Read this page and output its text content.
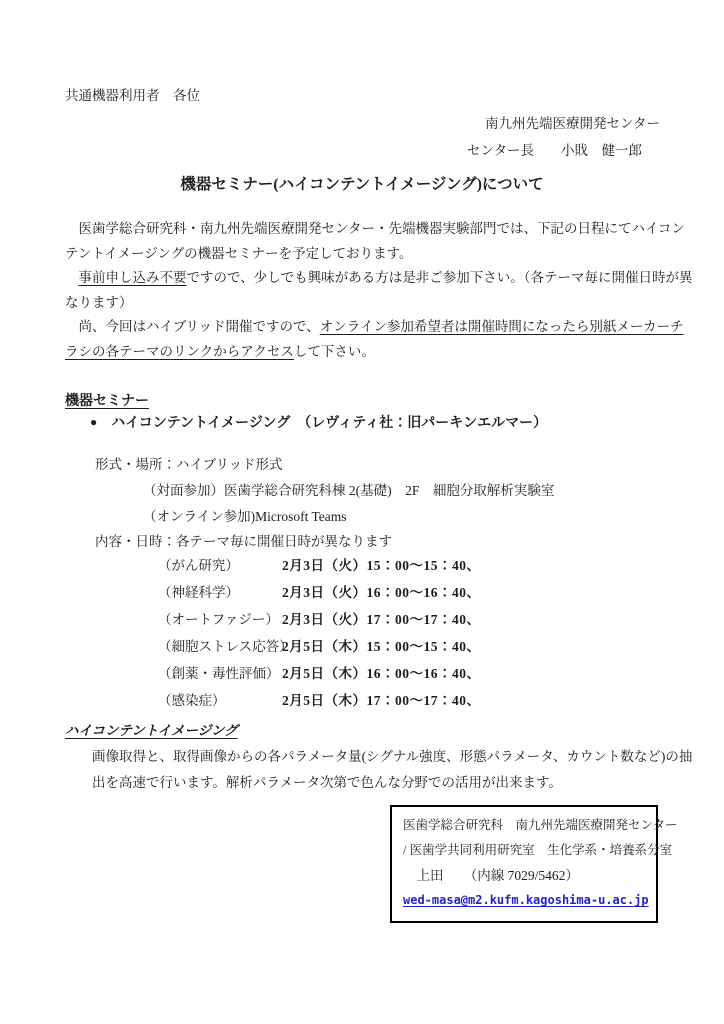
共通機器利用者　各位
南九州先端医療開発センター
センター長　　小戝　健一郎
機器セミナー(ハイコンテントイメージング)について
　医歯学総合研究科・南九州先端医療開発センター・先端機器実験部門では、下記の日程にてハイコン
テントイメージングの機器セミナーを予定しております。
　事前申し込み不要ですので、少しでも興味がある方は是非ご参加下さい。（各テーマ毎に開催日時が異
なります）
　尚、今回はハイブリッド開催ですので、オンライン参加希望者は開催時間になったら別紙メーカーチ
ラシの各テーマのリンクからアクセスして下さい。
機器セミナー
● ハイコンテントイメージング　（レヴィティ社：旧パーキンエルマー）
形式・場所：ハイブリッド形式
（対面参加）医歯学総合研究科棟 2(基礎)　2F　細胞分取解析実験室
（オンライン参加)Microsoft Teams
内容・日時：各テーマ毎に開催日時が異なります
（がん研究）	2月3日（火）15：00～15：40、
（神経科学）	2月3日（火）16：00～16：40、
（オートファジー） 2月3日（火）17：00～17：40、
（細胞ストレス応答）2月5日（木）15：00～15：40、
（創薬・毒性評価） 2月5日（木）16：00～16：40、
（感染症）	2月5日（木）17：00～17：40、
ハイコンテントイメージング
画像取得と、取得画像からの各パラメータ量(シグナル強度、形態パラメータ、カウント数など)の抽
出を高速で行います。解析パラメータ次第で色んな分野での活用が出来ます。
医歯学総合研究科　南九州先端医療開発センター
/ 医歯学共同利用研究室　生化学系・培養系分室
　上田　　（内線 7029/5462）
wed-masa@m2.kufm.kagoshima-u.ac.jp
